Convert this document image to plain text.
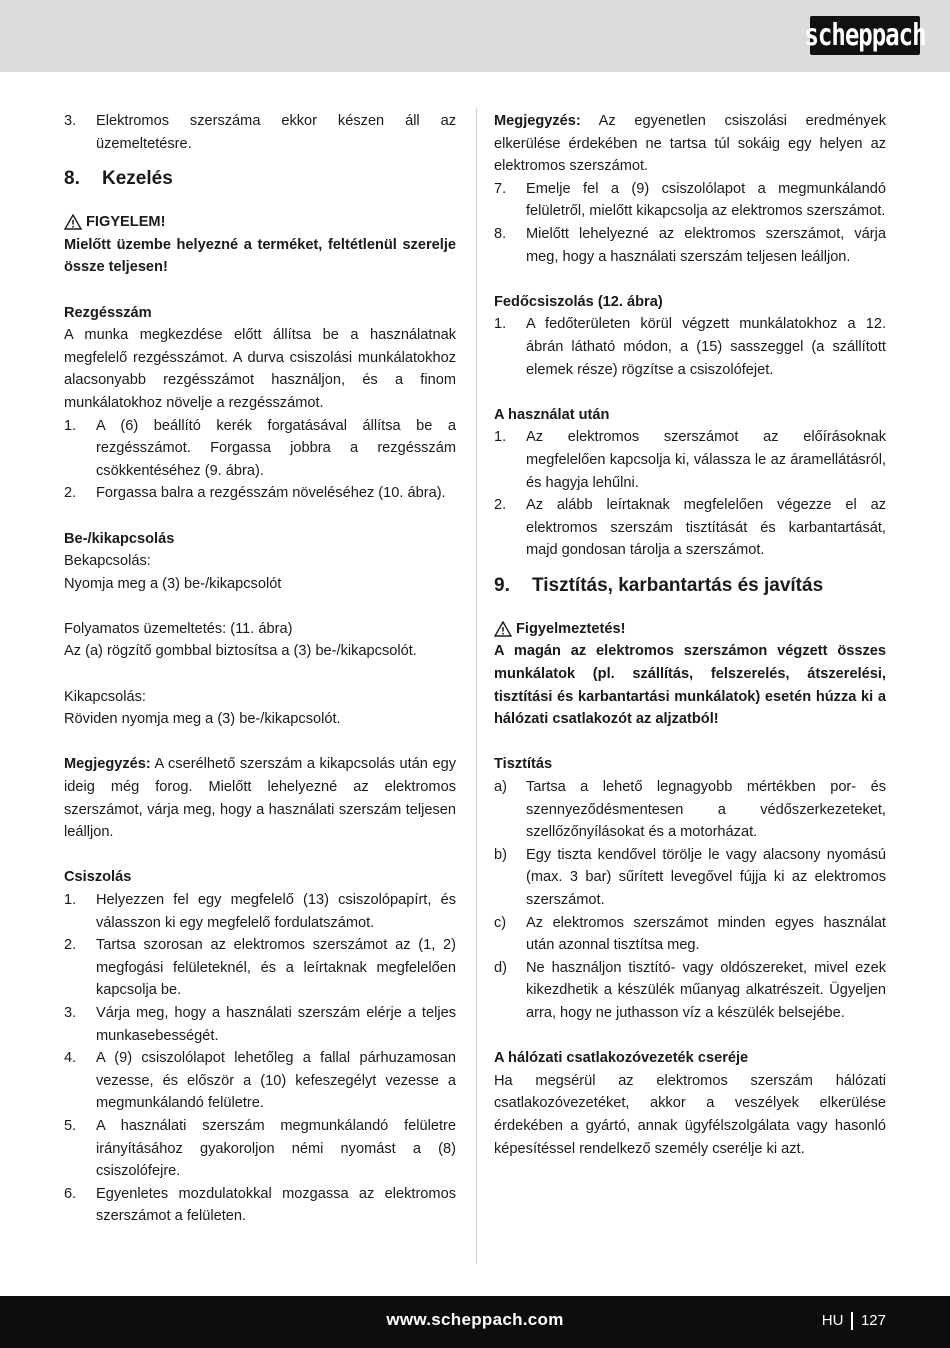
scheppach
3.	Elektromos szerszáma ekkor készen áll az üzemeltetésre.
8.	Kezelés
FIGYELEM!

Mielőtt üzembe helyezné a terméket, feltétlenül szerelje össze teljesen!

Rezgésszám

A munka megkezdése előtt állítsa be a használatnak megfelelő rezgésszámot. A durva csiszolási munkálatokhoz alacsonyabb rezgésszámot használjon, és a finom munkálatokhoz növelje a rezgésszámot.

1.	A (6) beállító kerék forgatásával állítsa be a rezgésszámot. Forgassa jobbra a rezgésszám csökkentéséhez (9. ábra).
2.	Forgassa balra a rezgésszám növeléséhez (10. ábra).

Be-/kikapcsolás

Bekapcsolás:

Nyomja meg a (3) be-/kikapcsolót

Folyamatos üzemeltetés: (11. ábra)

Az (a) rögzítő gombbal biztosítsa a (3) be-/kikapcsolót.

Kikapcsolás:

Röviden nyomja meg a (3) be-/kikapcsolót.

Megjegyzés: A cserélhető szerszám a kikapcsolás után egy ideig még forog. Mielőtt lehelyezné az elektromos szerszámot, várja meg, hogy a használati szerszám teljesen leálljon.

Csiszolás

1.	Helyezzen fel egy megfelelő (13) csiszolópapírt, és válasszon ki egy megfelelő fordulatszámot.
2.	Tartsa szorosan az elektromos szerszámot az (1, 2) megfogási felületeknél, és a leírtaknak megfelelően kapcsolja be.
3.	Várja meg, hogy a használati szerszám elérje a teljes munkasebességét.
4.	A (9) csiszolólapot lehetőleg a fallal párhuzamosan vezesse, és először a (10) kefeszegélyt vezesse a megmunkálandó felületre.
5.	A használati szerszám megmunkálandó felületre irányításához gyakoroljon némi nyomást a (8) csiszolófejre.
6.	Egyenletes mozdulatokkal mozgassa az elektromos szerszámot a felületen.

Megjegyzés: Az egyenetlen csiszolási eredmények elkerülése érdekében ne tartsa túl sokáig egy helyen az elektromos szerszámot.

7.	Emelje fel a (9) csiszolólapot a megmunkálandó felületről, mielőtt kikapcsolja az elektromos szerszámot.
8.	Mielőtt lehelyezné az elektromos szerszámot, várja meg, hogy a használati szerszám teljesen leálljon.

Fedőcsiszolás (12. ábra)

1.	A fedőterületen körül végzett munkálatokhoz a 12. ábrán látható módon, a (15) sasszeggel (a szállított elemek része) rögzítse a csiszolófejet.

A használat után

1.	Az elektromos szerszámot az előírásoknak megfelelően kapcsolja ki, válassza le az áramellátásról, és hagyja lehűlni.
2.	Az alább leírtaknak megfelelően végezze el az elektromos szerszám tisztítását és karbantartását, majd gondosan tárolja a szerszámot.
9.	Tisztítás, karbantartás és javítás
Figyelmeztetés!

A magán az elektromos szerszámon végzett összes munkálatok (pl. szállítás, felszerelés, átszerelési, tisztítási és karbantartási munkálatok) esetén húzza ki a hálózati csatlakozót az aljzatból!

Tisztítás

a)	Tartsa a lehető legnagyobb mértékben por- és szennyeződésmentesen a védőszerkezeteket, szellőzőnyílásokat és a motorházat.
b)	Egy tiszta kendővel törölje le vagy alacsony nyomású (max. 3 bar) sűrített levegővel fújja ki az elektromos szerszámot.
c)	Az elektromos szerszámot minden egyes használat után azonnal tisztítsa meg.
d)	Ne használjon tisztító- vagy oldószereket, mivel ezek kikezdhetik a készülék műanyag alkatrészeit. Ügyeljen arra, hogy ne juthasson víz a készülék belsejébe.

A hálózati csatlakozóvezeték cseréje

Ha megsérül az elektromos szerszám hálózati csatlakozóvezetéket, akkor a veszélyek elkerülése érdekében a gyártó, annak ügyfélszolgálata vagy hasonló képesítéssel rendelkező személy cserélje ki azt.

www.scheppach.com	HU 127
